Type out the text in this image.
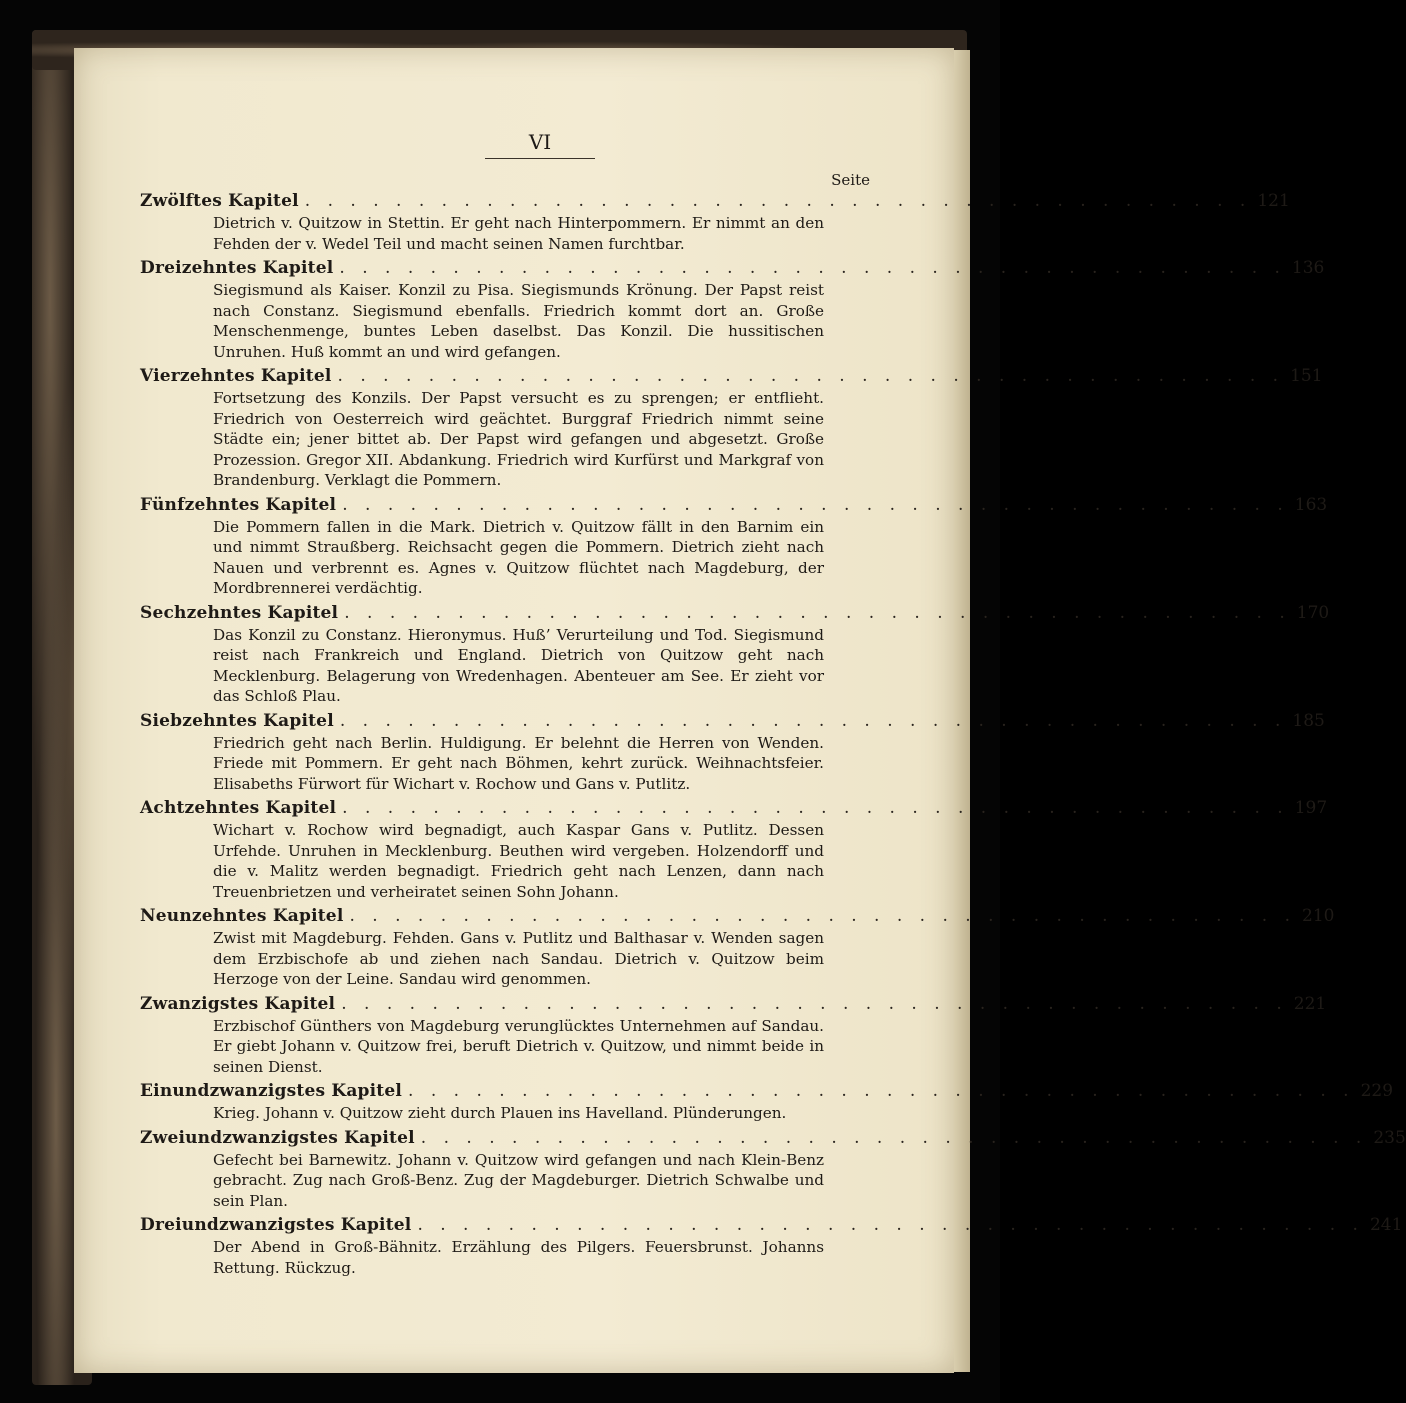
VI
Seite
Zwölftes Kapitel . . . . . . . . . . . . . . . . . . . . . . . . . . . . . . . . . . . . . . . . . . 121
Dietrich v. Quitzow in Stettin. Er geht nach Hinterpommern. Er nimmt an den Fehden der v. Wedel Teil und macht seinen Namen furchtbar.
Dreizehntes Kapitel . . . . . . . . . . . . . . . . . . . . . . . . . . . . . . . . . . . . . . . . . . 136
Siegismund als Kaiser. Konzil zu Pisa. Siegismunds Krönung. Der Papst reist nach Constanz. Siegismund ebenfalls. Friedrich kommt dort an. Große Menschenmenge, buntes Leben daselbst. Das Konzil. Die hussitischen Unruhen. Huß kommt an und wird gefangen.
Vierzehntes Kapitel . . . . . . . . . . . . . . . . . . . . . . . . . . . . . . . . . . . . . . . . . . 151
Fortsetzung des Konzils. Der Papst versucht es zu sprengen; er entflieht. Friedrich von Oesterreich wird geächtet. Burggraf Friedrich nimmt seine Städte ein; jener bittet ab. Der Papst wird gefangen und abgesetzt. Große Prozession. Gregor XII. Abdankung. Friedrich wird Kurfürst und Markgraf von Brandenburg. Verklagt die Pommern.
Fünfzehntes Kapitel . . . . . . . . . . . . . . . . . . . . . . . . . . . . . . . . . . . . . . . . . . 163
Die Pommern fallen in die Mark. Dietrich v. Quitzow fällt in den Barnim ein und nimmt Straußberg. Reichsacht gegen die Pommern. Dietrich zieht nach Nauen und verbrennt es. Agnes v. Quitzow flüchtet nach Magdeburg, der Mordbrennerei verdächtig.
Sechzehntes Kapitel . . . . . . . . . . . . . . . . . . . . . . . . . . . . . . . . . . . . . . . . . . 170
Das Konzil zu Constanz. Hieronymus. Huß’ Verurteilung und Tod. Siegismund reist nach Frankreich und England. Dietrich von Quitzow geht nach Mecklenburg. Belagerung von Wredenhagen. Abenteuer am See. Er zieht vor das Schloß Plau.
Siebzehntes Kapitel . . . . . . . . . . . . . . . . . . . . . . . . . . . . . . . . . . . . . . . . . . 185
Friedrich geht nach Berlin. Huldigung. Er belehnt die Herren von Wenden. Friede mit Pommern. Er geht nach Böhmen, kehrt zurück. Weihnachtsfeier. Elisabeths Fürwort für Wichart v. Rochow und Gans v. Putlitz.
Achtzehntes Kapitel . . . . . . . . . . . . . . . . . . . . . . . . . . . . . . . . . . . . . . . . . . 197
Wichart v. Rochow wird begnadigt, auch Kaspar Gans v. Putlitz. Dessen Urfehde. Unruhen in Mecklenburg. Beuthen wird vergeben. Holzendorff und die v. Malitz werden begnadigt. Friedrich geht nach Lenzen, dann nach Treuenbrietzen und verheiratet seinen Sohn Johann.
Neunzehntes Kapitel . . . . . . . . . . . . . . . . . . . . . . . . . . . . . . . . . . . . . . . . . . 210
Zwist mit Magdeburg. Fehden. Gans v. Putlitz und Balthasar v. Wenden sagen dem Erzbischofe ab und ziehen nach Sandau. Dietrich v. Quitzow beim Herzoge von der Leine. Sandau wird genommen.
Zwanzigstes Kapitel . . . . . . . . . . . . . . . . . . . . . . . . . . . . . . . . . . . . . . . . . . 221
Erzbischof Günthers von Magdeburg verunglücktes Unternehmen auf Sandau. Er giebt Johann v. Quitzow frei, beruft Dietrich v. Quitzow, und nimmt beide in seinen Dienst.
Einundzwanzigstes Kapitel . . . . . . . . . . . . . . . . . . . . . . . . . . . . . . . . . . . . . . . . . . 229
Krieg. Johann v. Quitzow zieht durch Plauen ins Havelland. Plünderungen.
Zweiundzwanzigstes Kapitel . . . . . . . . . . . . . . . . . . . . . . . . . . . . . . . . . . . . . . . . . . 235
Gefecht bei Barnewitz. Johann v. Quitzow wird gefangen und nach Klein-Benz gebracht. Zug nach Groß-Benz. Zug der Magdeburger. Dietrich Schwalbe und sein Plan.
Dreiundzwanzigstes Kapitel . . . . . . . . . . . . . . . . . . . . . . . . . . . . . . . . . . . . . . . . . . 241
Der Abend in Groß-Bähnitz. Erzählung des Pilgers. Feuersbrunst. Johanns Rettung. Rückzug.
